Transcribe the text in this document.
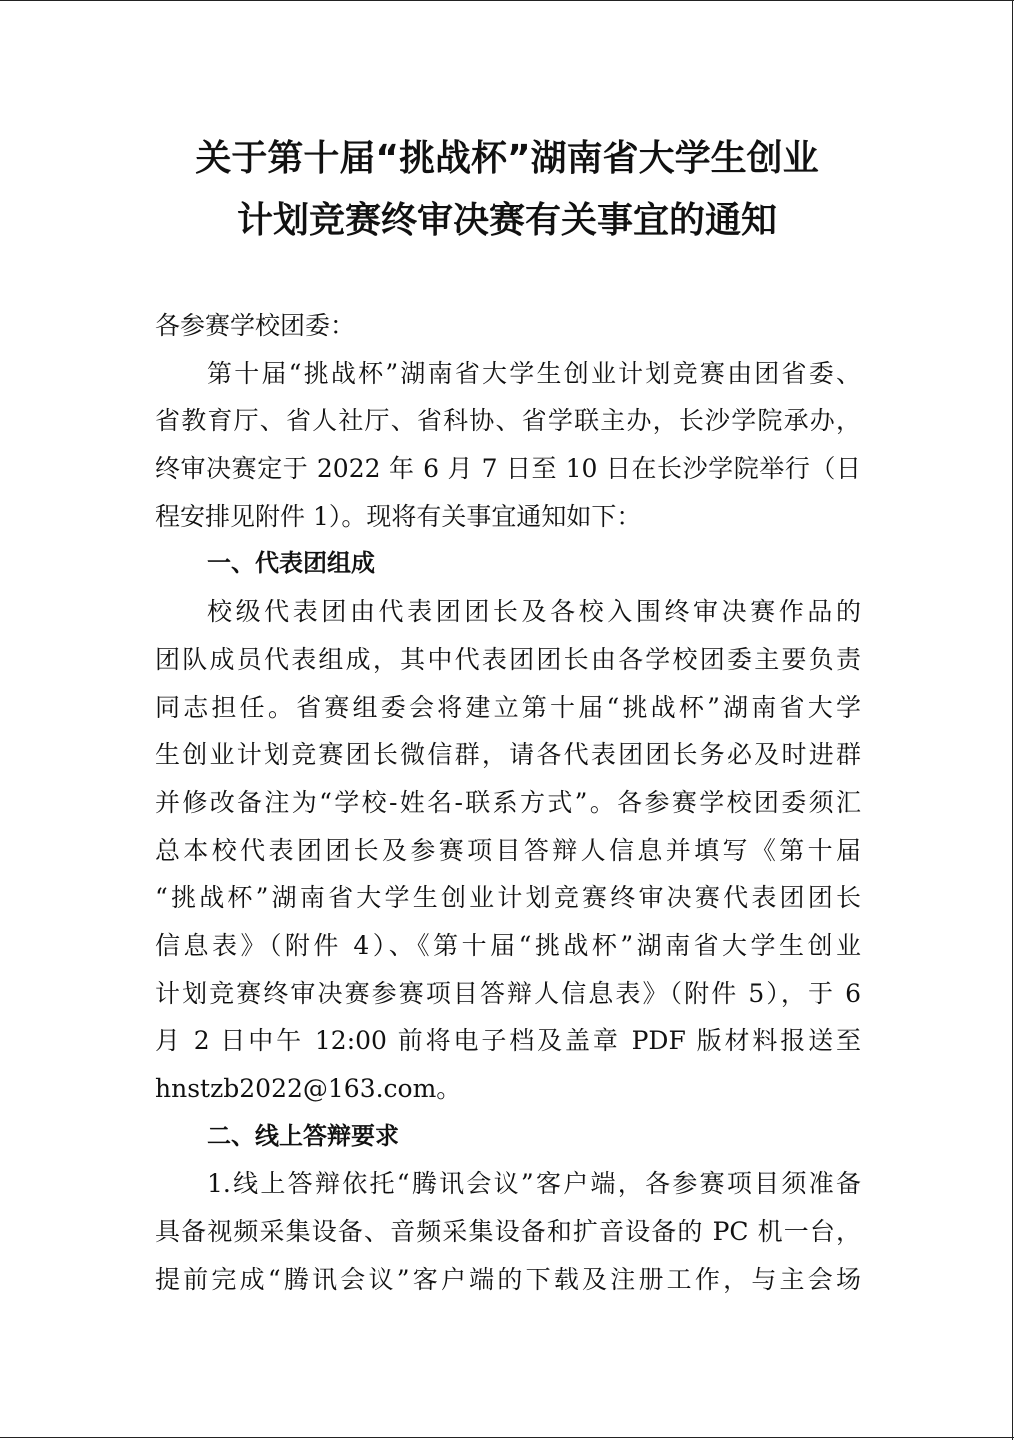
关于第十届“挑战杯”湖南省大学生创业
计划竞赛终审决赛有关事宜的通知
各参赛学校团委：
第十届“挑战杯”湖南省大学生创业计划竞赛由团省委、
省教育厅、省人社厅、省科协、省学联主办，长沙学院承办，
终审决赛定于 2022 年 6 月 7 日至 10 日在长沙学院举行（日
程安排见附件 1）。现将有关事宜通知如下：
一、代表团组成
校级代表团由代表团团长及各校入围终审决赛作品的
团队成员代表组成，其中代表团团长由各学校团委主要负责
同志担任。省赛组委会将建立第十届“挑战杯”湖南省大学
生创业计划竞赛团长微信群，请各代表团团长务必及时进群
并修改备注为“学校-姓名-联系方式”。各参赛学校团委须汇
总本校代表团团长及参赛项目答辩人信息并填写《第十届
“挑战杯”湖南省大学生创业计划竞赛终审决赛代表团团长
信息表》（附件 4）、《第十届“挑战杯”湖南省大学生创业
计划竞赛终审决赛参赛项目答辩人信息表》（附件 5），于 6
月 2 日中午 12:00 前将电子档及盖章 PDF 版材料报送至
hnstzb2022@163.com。
二、线上答辩要求
1.线上答辩依托“腾讯会议”客户端，各参赛项目须准备
具备视频采集设备、音频采集设备和扩音设备的 PC 机一台，
提前完成“腾讯会议”客户端的下载及注册工作，与主会场
